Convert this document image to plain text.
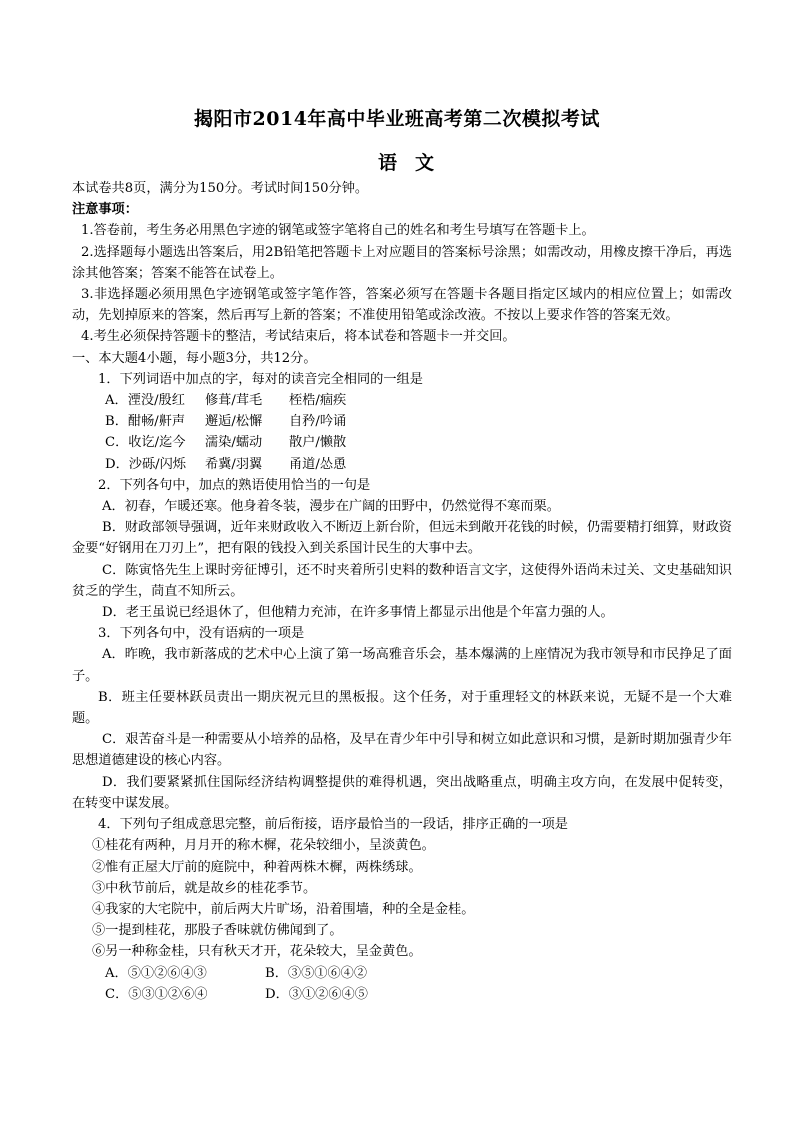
揭阳市2014年高中毕业班高考第二次模拟考试
语文
本试卷共8页，满分为150分。考试时间150分钟。
注意事项：
1.答卷前，考生务必用黑色字迹的钢笔或签字笔将自己的姓名和考生号填写在答题卡上。
2.选择题每小题选出答案后，用2B铅笔把答题卡上对应题目的答案标号涂黑；如需改动，用橡皮擦干净后，再选涂其他答案；答案不能答在试卷上。
3.非选择题必须用黑色字迹钢笔或签字笔作答，答案必须写在答题卡各题目指定区域内的相应位置上；如需改动，先划掉原来的答案，然后再写上新的答案；不准使用铅笔或涂改液。不按以上要求作答的答案无效。
4.考生必须保持答题卡的整洁，考试结束后，将本试卷和答题卡一并交回。
一、本大题4小题，每小题3分，共12分。
1．下列词语中加点的字，每对的读音完全相同的一组是
A．湮没/殷红	修葺/茸毛	桎梏/痼疾
B．酣畅/鼾声	邂逅/松懈	自矜/吟诵
C．收讫/迄今	濡染/蠕动	散户/懒散
D．沙砾/闪烁	希冀/羽翼	甬道/怂恿
2．下列各句中，加点的熟语使用恰当的一句是
A．初春，乍暖还寒。他身着冬装，漫步在广阔的田野中，仍然觉得不寒而栗。
B．财政部领导强调，近年来财政收入不断迈上新台阶，但远未到敞开花钱的时候，仍需要精打细算，财政资金要“好钢用在刀刃上”，把有限的钱投入到关系国计民生的大事中去。
C．陈寅恪先生上课时旁征博引，还不时夹着所引史料的数种语言文字，这使得外语尚未过关、文史基础知识贫乏的学生，茼直不知所云。
D．老王虽说已经退休了，但他精力充沛，在许多事情上都显示出他是个年富力强的人。
3．下列各句中，没有语病的一项是
A．昨晚，我市新落成的艺术中心上演了第一场高雅音乐会，基本爆满的上座情况为我市领导和市民挣足了面子。
B．班主任要林跃员责出一期庆祝元旦的黑板报。这个任务，对于重理轻文的林跃来说，无疑不是一个大难题。
C．艰苦奋斗是一种需要从小培养的品格，及早在青少年中引导和树立如此意识和习惯，是新时期加强青少年思想道德建设的核心内容。
D．我们要紧紧抓住国际经济结构调整提供的难得机遇，突出战略重点，明确主攻方向，在发展中促转变，在转变中谋发展。
4．下列句子组成意思完整，前后衔接，语序最恰当的一段话，排序正确的一项是
①桂花有两种，月月开的称木樨，花朵较细小，呈淡黄色。
②惟有正屋大厅前的庭院中，种着两株木樨，两株绣球。
③中秋节前后，就是故乡的桂花季节。
④我家的大宅院中，前后两大片旷场，沿着围墙，种的全是金桂。
⑤一提到桂花，那股子香味就仿佛闻到了。
⑥另一种称金桂，只有秋天才开，花朵较大，呈金黄色。
A．⑤①②⑥④③	B．③⑤①⑥④②
C．⑤③①②⑥④	D．③①②⑥④⑤
